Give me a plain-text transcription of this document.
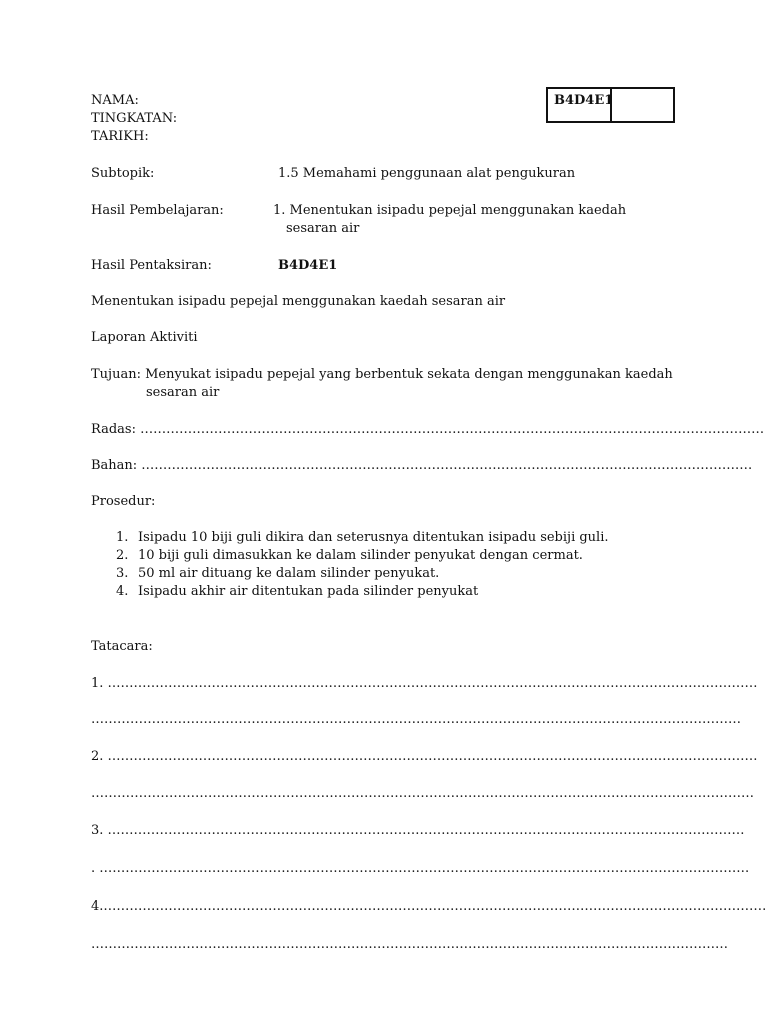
NAMA:
TINGKATAN:
TARIKH:
B4D4E1
Subtopik:	1.5 Memahami penggunaan alat pengukuran
Hasil Pembelajaran:	1. Menentukan isipadu pepejal menggunakan kaedah
sesaran air
Hasil Pentaksiran:	B4D4E1
Menentukan isipadu pepejal menggunakan kaedah sesaran air
Laporan Aktiviti
Tujuan: Menyukat isipadu pepejal yang berbentuk sekata dengan menggunakan kaedah
sesaran air
Radas: ………………………………………………………………………………………………………………………………
Bahan: ……………………………………………………………………………………………………………………………
Prosedur:
1. Isipadu 10 biji guli dikira dan seterusnya ditentukan isipadu sebiji guli.
2. 10 biji guli dimasukkan ke dalam silinder penyukat dengan cermat.
3. 50 ml air dituang ke dalam silinder penyukat.
4. Isipadu akhir air ditentukan pada silinder penyukat
Tatacara:
1. ……………………………………………………………………………………………………………………………………
……………………………………………………………………………………………………………………………………
2. ……………………………………………………………………………………………………………………………………
………………………………………………………………………………………………………………………………………
3. …………………………………………………………………………………………………………………………………
. ……………………………………………………………………………………………………………………………………
4.………………………………………………………………………………………………………………………………………
…………………………………………………………………………………………………………………………………
